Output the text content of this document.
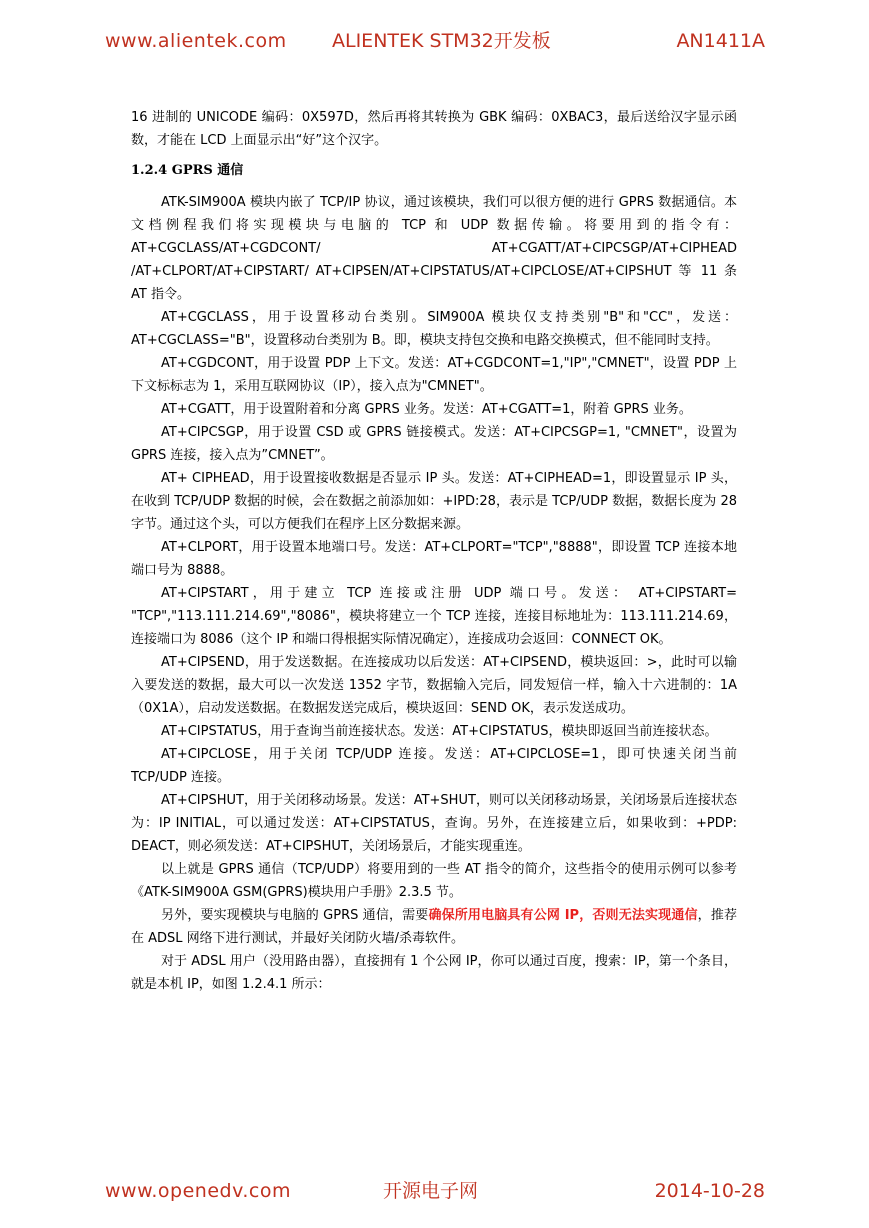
www.alientek.com ALIENTEK STM32开发板	AN1411A

16 进制的 UNICODE 编码：0X597D，然后再将其转换为 GBK 编码：0XBAC3，最后送给汉字显示函数，才能在 LCD 上面显示出“好”这个汉字。

1.2.4 GPRS 通信

ATK-SIM900A 模块内嵌了 TCP/IP 协议，通过该模块，我们可以很方便的进行 GPRS 数据通信。本文档例程我们将实现模块与电脑的 TCP 和 UDP 数据传输。将要用到的指令有：AT+CGCLASS/AT+CGDCONT/ AT+CGATT/AT+CIPCSGP/AT+CIPHEAD /AT+CLPORT/AT+CIPSTART/ AT+CIPSEN/AT+CIPSTATUS/AT+CIPCLOSE/AT+CIPSHUT 等 11 条 AT 指令。

AT+CGCLASS，用于设置移动台类别。SIM900A 模块仅支持类别"B"和"CC"，发送：AT+CGCLASS="B"，设置移动台类别为 B。即，模块支持包交换和电路交换模式，但不能同时支持。

AT+CGDCONT，用于设置 PDP 上下文。发送：AT+CGDCONT=1,"IP","CMNET"，设置 PDP 上下文标标志为 1，采用互联网协议（IP），接入点为"CMNET"。

AT+CGATT，用于设置附着和分离 GPRS 业务。发送：AT+CGATT=1，附着 GPRS 业务。

AT+CIPCSGP，用于设置 CSD 或 GPRS 链接模式。发送：AT+CIPCSGP=1, "CMNET"，设置为 GPRS 连接，接入点为”CMNET”。

AT+ CIPHEAD，用于设置接收数据是否显示 IP 头。发送：AT+CIPHEAD=1，即设置显示 IP 头，在收到 TCP/UDP 数据的时候，会在数据之前添加如：+IPD:28，表示是 TCP/UDP 数据，数据长度为 28 字节。通过这个头，可以方便我们在程序上区分数据来源。

AT+CLPORT，用于设置本地端口号。发送：AT+CLPORT="TCP","8888"，即设置 TCP 连接本地端口号为 8888。

AT+CIPSTART，用于建立 TCP 连接或注册 UDP 端口号。发送： AT+CIPSTART= "TCP","113.111.214.69","8086"，模块将建立一个 TCP 连接，连接目标地址为：113.111.214.69，连接端口为 8086（这个 IP 和端口得根据实际情况确定），连接成功会返回：CONNECT OK。

AT+CIPSEND，用于发送数据。在连接成功以后发送：AT+CIPSEND，模块返回：>，此时可以输入要发送的数据，最大可以一次发送 1352 字节，数据输入完后，同发短信一样，输入十六进制的：1A（0X1A），启动发送数据。在数据发送完成后，模块返回：SEND OK，表示发送成功。

AT+CIPSTATUS，用于查询当前连接状态。发送：AT+CIPSTATUS，模块即返回当前连接状态。

AT+CIPCLOSE，用于关闭 TCP/UDP 连接。发送：AT+CIPCLOSE=1，即可快速关闭当前 TCP/UDP 连接。

AT+CIPSHUT，用于关闭移动场景。发送：AT+SHUT，则可以关闭移动场景，关闭场景后连接状态为：IP INITIAL，可以通过发送：AT+CIPSTATUS，查询。另外，在连接建立后，如果收到：+PDP: DEACT，则必须发送：AT+CIPSHUT，关闭场景后，才能实现重连。

以上就是 GPRS 通信（TCP/UDP）将要用到的一些 AT 指令的简介，这些指令的使用示例可以参考《ATK-SIM900A GSM(GPRS)模块用户手册》2.3.5 节。

另外，要实现模块与电脑的 GPRS 通信，需要确保所用电脑具有公网 IP，否则无法实现通信，推荐在 ADSL 网络下进行测试，并最好关闭防火墙/杀毒软件。

对于 ADSL 用户（没用路由器），直接拥有 1 个公网 IP，你可以通过百度，搜索：IP，第一个条目，就是本机 IP，如图 1.2.4.1 所示：

www.openedv.com	开源电子网	2014-10-28
